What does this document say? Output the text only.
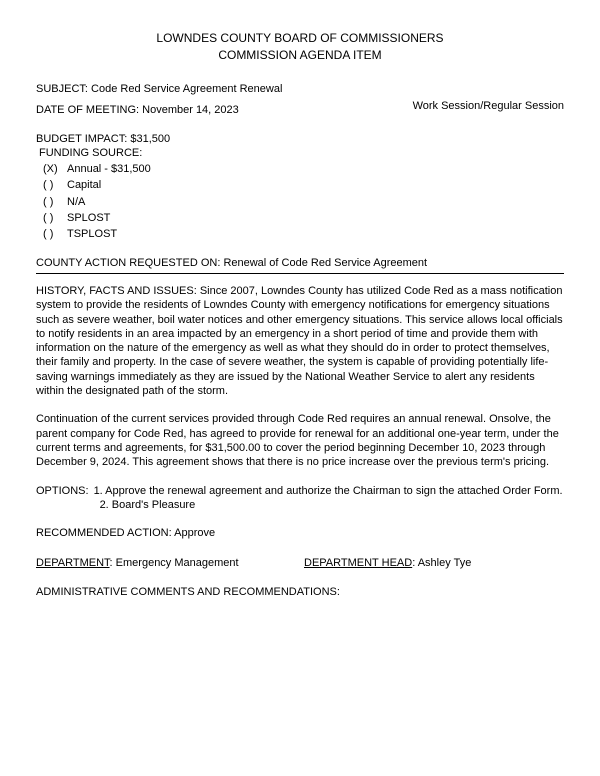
LOWNDES COUNTY BOARD OF COMMISSIONERS
COMMISSION AGENDA ITEM
SUBJECT: Code Red Service Agreement Renewal
DATE OF MEETING: November 14, 2023	Work Session/Regular Session
BUDGET IMPACT: $31,500
FUNDING SOURCE:
(X) Annual - $31,500
( )	Capital
( )	N/A
( )	SPLOST
( )	TSPLOST
COUNTY ACTION REQUESTED ON: Renewal of Code Red Service Agreement
HISTORY, FACTS AND ISSUES: Since 2007, Lowndes County has utilized Code Red as a mass notification system to provide the residents of Lowndes County with emergency notifications for emergency situations such as severe weather, boil water notices and other emergency situations. This service allows local officials to notify residents in an area impacted by an emergency in a short period of time and provide them with information on the nature of the emergency as well as what they should do in order to protect themselves, their family and property. In the case of severe weather, the system is capable of providing potentially life-saving warnings immediately as they are issued by the National Weather Service to alert any residents within the designated path of the storm.
Continuation of the current services provided through Code Red requires an annual renewal. Onsolve, the parent company for Code Red, has agreed to provide for renewal for an additional one-year term, under the current terms and agreements, for $31,500.00 to cover the period beginning December 10, 2023 through December 9, 2024. This agreement shows that there is no price increase over the previous term's pricing.
OPTIONS: 1. Approve the renewal agreement and authorize the Chairman to sign the attached Order Form.
2. Board's Pleasure
RECOMMENDED ACTION: Approve
DEPARTMENT: Emergency Management	DEPARTMENT HEAD: Ashley Tye
ADMINISTRATIVE COMMENTS AND RECOMMENDATIONS:
